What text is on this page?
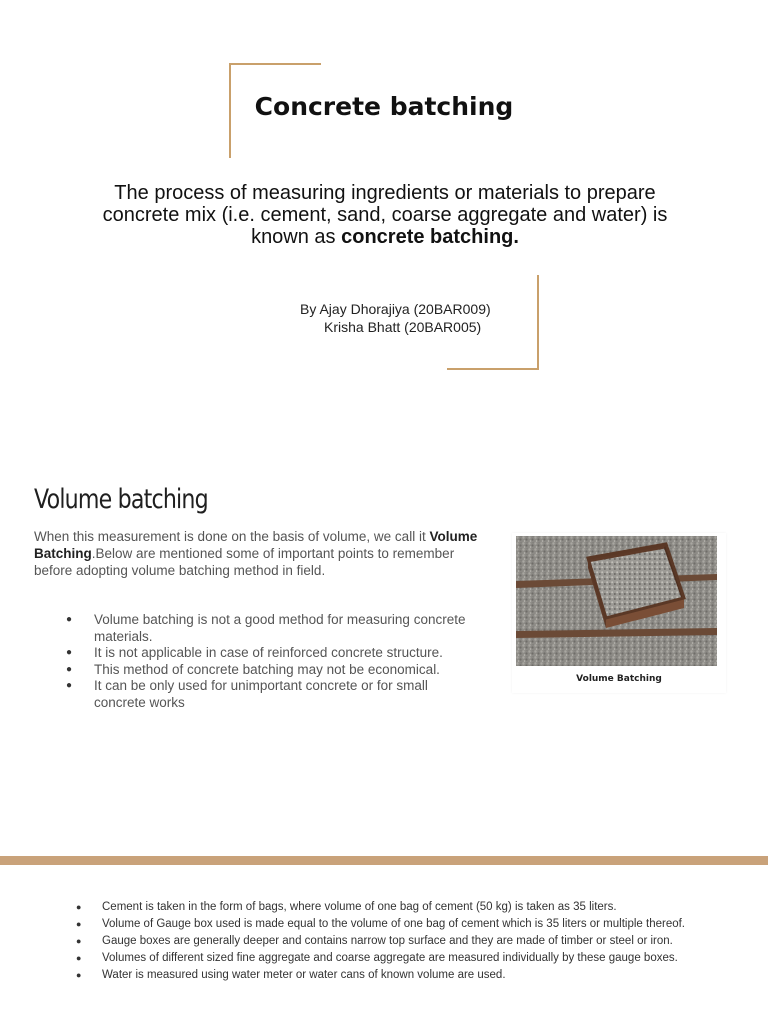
Concrete batching
The process of measuring ingredients or materials to prepare concrete mix (i.e. cement, sand, coarse aggregate and water) is known as concrete batching.
By Ajay Dhorajiya (20BAR009)
Krisha Bhatt (20BAR005)
Volume batching
When this measurement is done on the basis of volume, we call it Volume Batching.Below are mentioned some of important points to remember before adopting volume batching method in field.
● Volume batching is not a good method for measuring concrete materials.
● It is not applicable in case of reinforced concrete structure.
● This method of concrete batching may not be economical.
● It can be only used for unimportant concrete or for small concrete works
Volume Batching
● Cement is taken in the form of bags, where volume of one bag of cement (50 kg) is taken as 35 liters.
● Volume of Gauge box used is made equal to the volume of one bag of cement which is 35 liters or multiple thereof.
● Gauge boxes are generally deeper and contains narrow top surface and they are made of timber or steel or iron.
● Volumes of different sized fine aggregate and coarse aggregate are measured individually by these gauge boxes.
● Water is measured using water meter or water cans of known volume are used.
